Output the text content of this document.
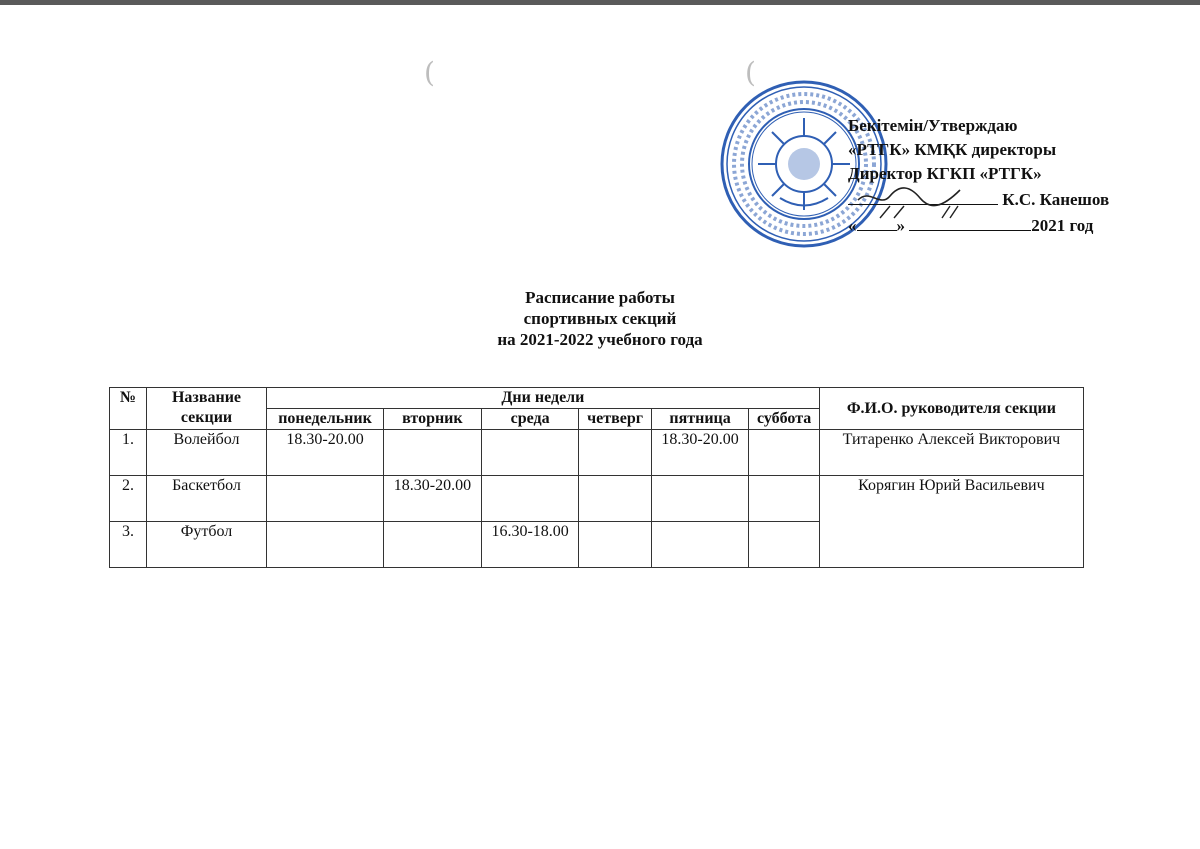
(	(
Бекітемін/Утверждаю
«РТГК» КМҚК директоры
Директор КГКП «РТГК»
К.С. Канешов
« »	2021 год
Расписание работы
спортивных секций
на 2021-2022 учебного года
№	Название секции	Дни недели						Ф.И.О. руководителя секции
		понедельник	вторник	среда	четверг	пятница	суббота	
1.	Волейбол	18.30-20.00				18.30-20.00		Титаренко Алексей Викторович
2.	Баскетбол		18.30-20.00					Корягин Юрий Васильевич
3.	Футбол			16.30-18.00				
